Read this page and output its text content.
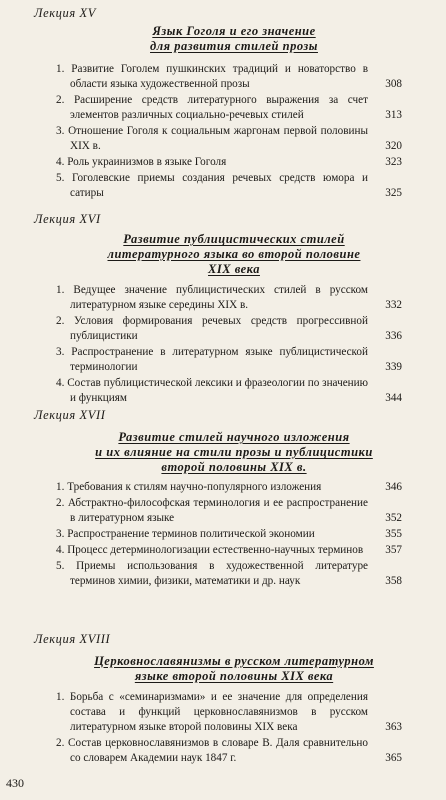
Лекция XV
Язык Гоголя и его значение
для развития стилей прозы
1. Развитие Гоголем пушкинских традиций и новаторство в области языка художественной прозы	308
2. Расширение средств литературного выражения за счет элементов различных социально-речевых стилей	313
3. Отношение Гоголя к социальным жаргонам первой половины XIX в.	320
4. Роль украинизмов в языке Гоголя	323
5. Гоголевские приемы создания речевых средств юмора и сатиры	325
Лекция XVI
Развитие публицистических стилей
литературного языка во второй половине
XIX века
1. Ведущее значение публицистических стилей в русском литературном языке середины XIX в.	332
2. Условия формирования речевых средств прогрессивной публицистики	336
3. Распространение в литературном языке публицистической терминологии	339
4. Состав публицистической лексики и фразеологии по значению и функциям	344
Лекция XVII
Развитие стилей научного изложения
и их влияние на стили прозы и публицистики
второй половины XIX в.
1. Требования к стилям научно-популярного изложения	346
2. Абстрактно-философская терминология и ее распространение в литературном языке	352
3. Распространение терминов политической экономии	355
4. Процесс детерминологизации естественно-научных терминов	357
5. Приемы использования в художественной литературе терминов химии, физики, математики и др. наук	358
Лекция XVIII
Церковнославянизмы в русском литературном
языке второй половины XIX века
1. Борьба с «семинаризмами» и ее значение для определения состава и функций церковнославянизмов в русском литературном языке второй половины XIX века	363
2. Состав церковнославянизмов в словаре В. Даля сравнительно со словарем Академии наук 1847 г.	365
430
